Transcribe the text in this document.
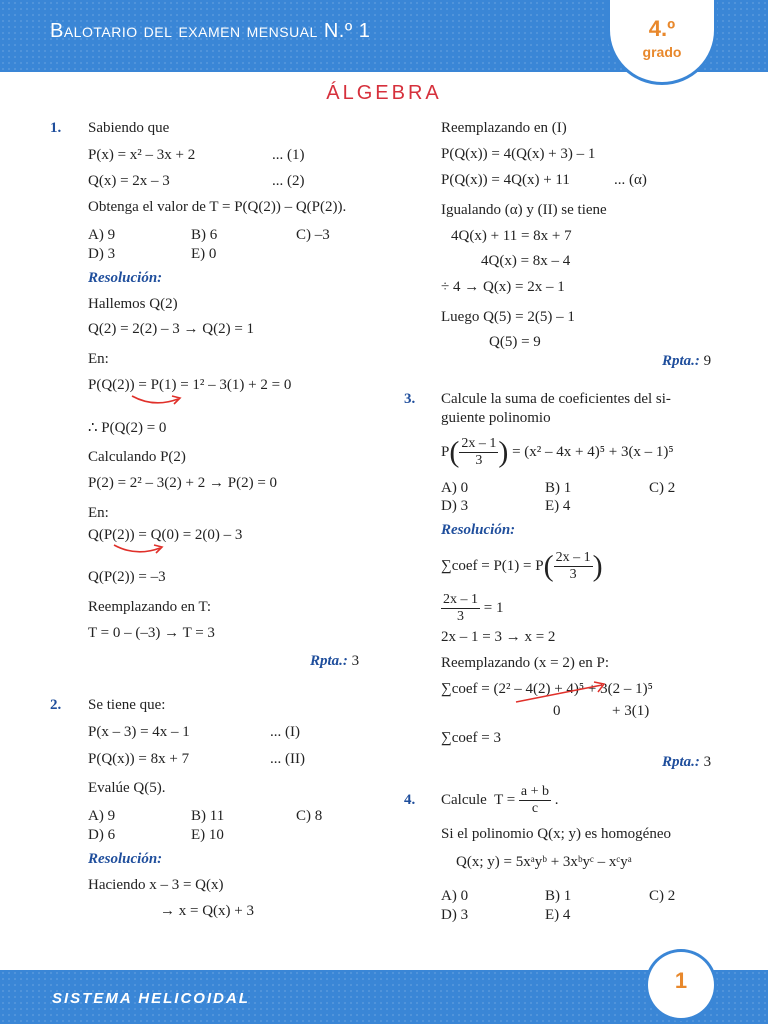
Balotario del examen mensual N.º 1	4.º
grado
ÁLGEBRA
1. Sabiendo que
P(x) = x² – 3x + 2	... (1)
Q(x) = 2x – 3	... (2)
Obtenga el valor de T = P(Q(2)) – Q(P(2)).
A) 9	B) 6	C) –3
D) 3	E) 0
Resolución:
Hallemos Q(2)
Q(2) = 2(2) – 3 → Q(2) = 1
En:
P(Q(2)) = P(1) = 1² – 3(1) + 2 = 0
∴ P(Q(2) = 0
Calculando P(2)
P(2) = 2² – 3(2) + 2 → P(2) = 0
En:
Q(P(2)) = Q(0) = 2(0) – 3
Q(P(2)) = –3
Reemplazando en T:
T = 0 – (–3) → T = 3
Rpta.: 3
2. Se tiene que:
P(x – 3) = 4x – 1	... (I)
P(Q(x)) = 8x + 7	... (II)
Evalúe Q(5).
A) 9	B) 11	C) 8
D) 6	E) 10
Resolución:
Haciendo x – 3 = Q(x)
→ x = Q(x) + 3
Reemplazando en (I)
P(Q(x)) = 4(Q(x) + 3) – 1
P(Q(x)) = 4Q(x) + 11	... (α)
Igualando (α) y (II) se tiene
4Q(x) + 11 = 8x + 7
4Q(x) = 8x – 4
÷ 4 → Q(x) = 2x – 1
Luego Q(5) = 2(5) – 1
Q(5) = 9
Rpta.: 9
3. Calcule la suma de coeficientes del si-
guiente polinomio
$P( \frac{2x - 1}{3}$ ) = (x² – 4x + 4)⁵ + 3(x – 1)⁵
A) 0	B) 1	C) 2
D) 3	E) 4
Resolución:
∑coef = $P(1) = P( \frac{2x - 1}{3}$ )
$\frac{2x - 1}{3} = 1$
2x – 1 = 3 → x = 2
Reemplazando (x = 2) en P:
∑coef = (2² – 4(2) + 4)⁵ + 3(2 – 1)⁵
0	+ 3(1)
∑coef = 3
Rpta.: 3
4. Calcule $T = \frac{a + b}{c}$ .
Si el polinomio Q(x; y) es homogéneo
Q(x; y) = 5xᵃyᵇ + 3xᵇyᶜ – xᶜyᵃ
A) 0	B) 1	C) 2
D) 3	E) 4
SISTEMA HELICOIDAL
1
